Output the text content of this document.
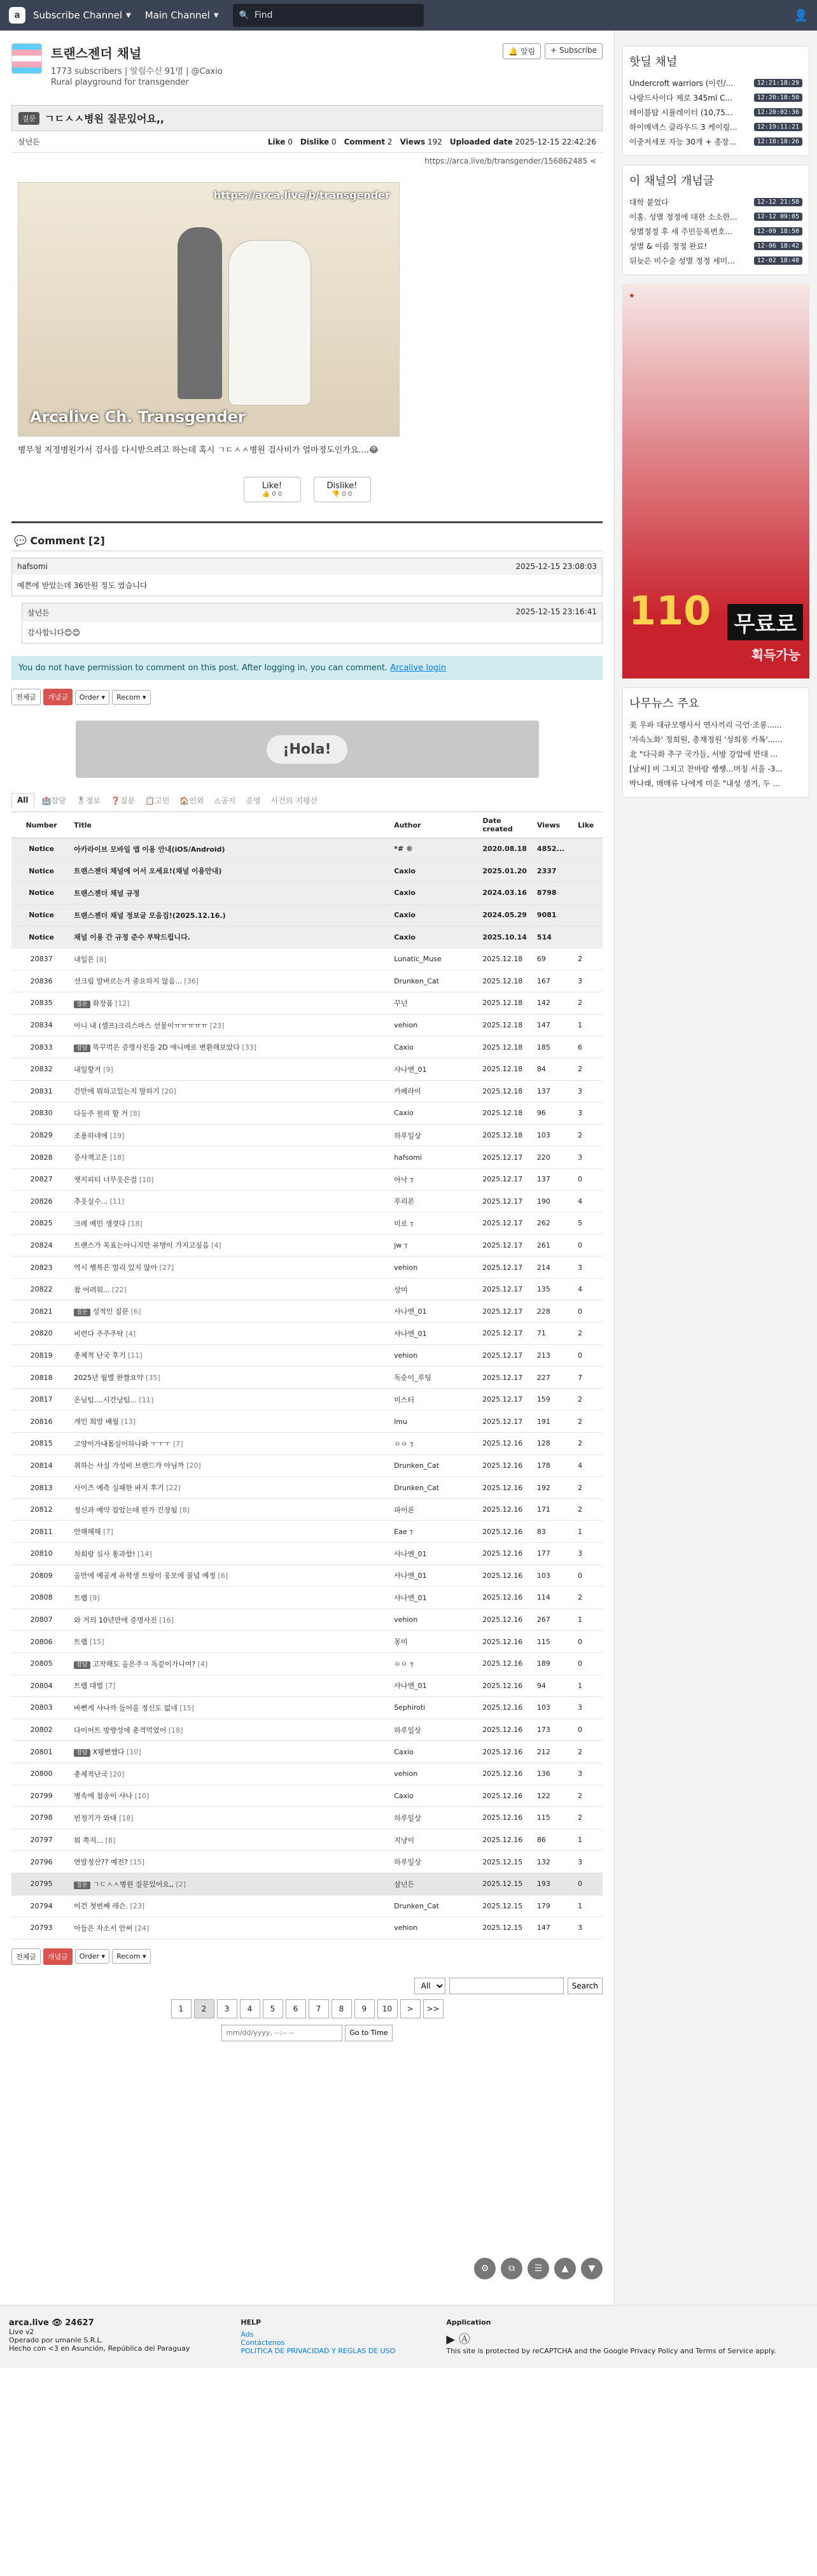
a	Subscribe Channel ▼ Main Channel ▼ 🔍
Find	👤
트랜스젠더 채널
1773 subscribers | 알림수신 91명 | @Caxio
Rural playground for transgender
🔔 알림	+ Subscribe
질문 ㄱㄷㅅㅅ병원 질문있어요,,
살넌든	Like 0 Dislike 0 Comment 2 Views 192 Uploaded date 2025-12-15 22:42:26
https://arca.live/b/transgender/156862485 ⋖
https://arca.live/b/transgender
Arcalive Ch. Transgender
병무청 지정병원가서 검사를 다시받으려고 하는데 혹시 ㄱㄷㅅㅅ병원 검사비가 얼마정도인가요....😂
Like!
👍 0 0
Dislike!
👎 0 0
💬 Comment [2]
hafsomi	2025-12-15 23:08:03
예쁜에 받았는데 36만원 정도 였습니다
살넌든	2025-12-15 23:16:41
감사합니다😊😊
You do not have permission to comment on this post. After logging in, you can comment. Arcalive login
전체글	개념글	Order ▾	Recom ▾
¡Hola!
All	🏥잡담	🎖정보	❓질문	📋고민	🏠인외	⚠공지	운영	사건의 지평선
Number	Title	Author	Date created	Views	Like
Notice	아카라이브 모바일 앱 이용 안내(iOS/Android)	*# ®	2020.08.18	4852...	
Notice	트랜스젠더 채널에 어서 오세요!(채널 이용안내)	Caxio	2025.01.20	2337	
Notice	트랜스젠더 채널 규정	Caxio	2024.03.16	8798	
Notice	트랜스젠더 채널 정보글 모음집!(2025.12.16.)	Caxio	2024.05.29	9081	
Notice	채널 이용 간 규정 준수 부탁드립니다.	Caxio	2025.10.14	514	
20837	내일은 [8]	Lunatic_Muse	2025.12.18	69	2
20836	선크림 말바르는거 중요하지 않음... [36]	Drunken_Cat	2025.12.18	167	3
20835	질문 화장품 [12]	꾸넌	2025.12.18	142	2
20834	아니 내 (셀프)크리스마스 선물이ㅠㅠㅠㅠㅠ [23]	vehion	2025.12.18	147	1
20833	잡담 똑꾸먹은 증명사진을 2D 애니메로 변환해보았다 [33]	Caxio	2025.12.18	185	6
20832	내일할거 [9]	샤나엔_01	2025.12.18	84	2
20831	간만에 뭐하고있는지 말하기 [20]	카페라이	2025.12.18	137	3
20830	다등주 원릐 할 거 [8]	Caxio	2025.12.18	96	3
20829	조용하네에 [19]	하루일상	2025.12.18	103	2
20828	증사잭고온 [18]	hafsomi	2025.12.17	220	3
20827	챗지피티 너무웃은걸 [10]	아낙 ⁊	2025.12.17	137	0
20826	추웃실수... [11]	루리론	2025.12.17	190	4
20825	크레 예민 생겻다 [18]	미로 ⁊	2025.12.17	262	5
20824	트랜스가 목표는아니지만 유명이 가지고싶음 [4]	jw ⁊	2025.12.17	261	0
20823	역시 행복은 멀리 있지 않아 [27]	vehion	2025.12.17	214	3
20822	참 어려워... [22]	상미	2025.12.17	135	4
20821	질문 성적인 질문 [6]	샤나엔_01	2025.12.17	228	0
20820	비련다 주주주탁 [4]	샤나엔_01	2025.12.17	71	2
20819	총체적 난국 후기 [11]	vehion	2025.12.17	213	0
20818	2025년 월별 한짤요약 [35]	독순이_루팅	2025.12.17	227	7
20817	온님팀....시간낭팀... [11]	미스터	2025.12.17	159	2
20816	개인 희망 배월 [13]	lmu	2025.12.17	191	2
20815	고양이가내몸실어하나봐 ㅜㅜㅜ [7]	ㅇㅇ ⁊	2025.12.16	128	2
20814	취하는 사실 가성비 브랜드가 아님까 [20]	Drunken_Cat	2025.12.16	178	4
20813	사이즈 예측 실패한 바지 후기 [22]	Drunken_Cat	2025.12.16	192	2
20812	정신과 예약 잡았는데 뭔가 긴장됨 [8]	파이론	2025.12.16	171	2
20811	안해헤헤 [7]	Eae ⁊	2025.12.16	83	1
20810	차회랑 심사 통과함! [14]	샤나엔_01	2025.12.16	177	3
20809	올만에 예공계 유학생 트랑이 웅모에 꿀념 예정 [6]	샤나엔_01	2025.12.16	103	0
20808	트랩 [9]	샤나엔_01	2025.12.16	114	2
20807	와 거의 10년만에 증명사진 [16]	vehion	2025.12.16	267	1
20806	트랩 [15]	몽미	2025.12.16	115	0
20805	잡담 고작해도 올은주ㅋ 독같이가니여? [4]	ㅇㅇ ⁊	2025.12.16	189	0
20804	트랩 대법 [7]	샤나엔_01	2025.12.16	94	1
20803	바뻔게 샤나까 들어을 정신도 없네 [15]	Sephiroti	2025.12.16	103	3
20802	다이어트 방향성에 총격먹었어 [18]	하루일상	2025.12.16	173	0
20801	잡담 X뒝뻔했다 [10]	Caxio	2025.12.16	212	2
20800	총체적난국 [20]	vehion	2025.12.16	136	3
20799	병속에 첨송이 샤나 [10]	Caxio	2025.12.16	122	2
20798	빈정기가 와대 [18]	하루일상	2025.12.16	115	2
20797	뭐 쪽지... [8]	지냥이	2025.12.16	86	1
20796	연말정산?? 예전? [15]	하루일상	2025.12.15	132	3
20795	질문 ㄱㄷㅅㅅ병원 질문있어요,, [2]	살넌든	2025.12.15	193	0
20794	이건 첫번째 레슨. [23]	Drunken_Cat	2025.12.15	179	1
20793	아들은 자소서 안써 [24]	vehion	2025.12.15	147	3
전체글	개념글	Order ▾	Recom ▾
All
Search
1	2	3	4	5	6	7	8	9	10	>	>>
mm/dd/yyyy, --:-- --
Go to Time
⚙	⧉	☰	▲	▼
핫딜 채널
Undercroft warriors (이런/...	12:21:18:29
나랑드사이다 제로 345ml C...	12:20:18:50
테이블탑 시뮬레이터 (10,75...	12:20:02:36
하이메넥스 클라우드 3 케이링...	12:19:11:21
이중저세포 자능 30개 + 총장...	12:18:18:26
이 채널의 개념글
대학 붙었다	12-12 21:58
이홈. 성별 정정에 대한 소소한...	12-12 09:05
성별정정 후 세 주민등록번호...	12-09 18:50
성별 & 이름 정정 완료!	12-06 18:42
뒤늦은 비수술 성별 정정 세미...	12-02 18:48
★
110 무료로
획득가능
나무뉴스 주요
美 우파 대규모행사서 연사끼리 극언·조롱......
'자속노화' 정희원, 총재정원 '성희롱 카톡'......
北 "다극화 추구 국가들, 서방 강압에 반대 ...
[날씨] 비 그치고 찬바람 쌩쌩...머칭 서울 -3...
박나래, 매매류 나에게 미운 "내성 생겨, 두 ...
arca.live 👁 24627
Live v2
Operado por umanle S.R.L.
Hecho con <3 en Asunción, República del Paraguay
HELP
Ads
Contáctenos
POLITICA DE PRIVACIDAD Y REGLAS DE USO
Application
▶ Ⓐ
This site is protected by reCAPTCHA and the Google Privacy Policy and Terms of Service apply.
